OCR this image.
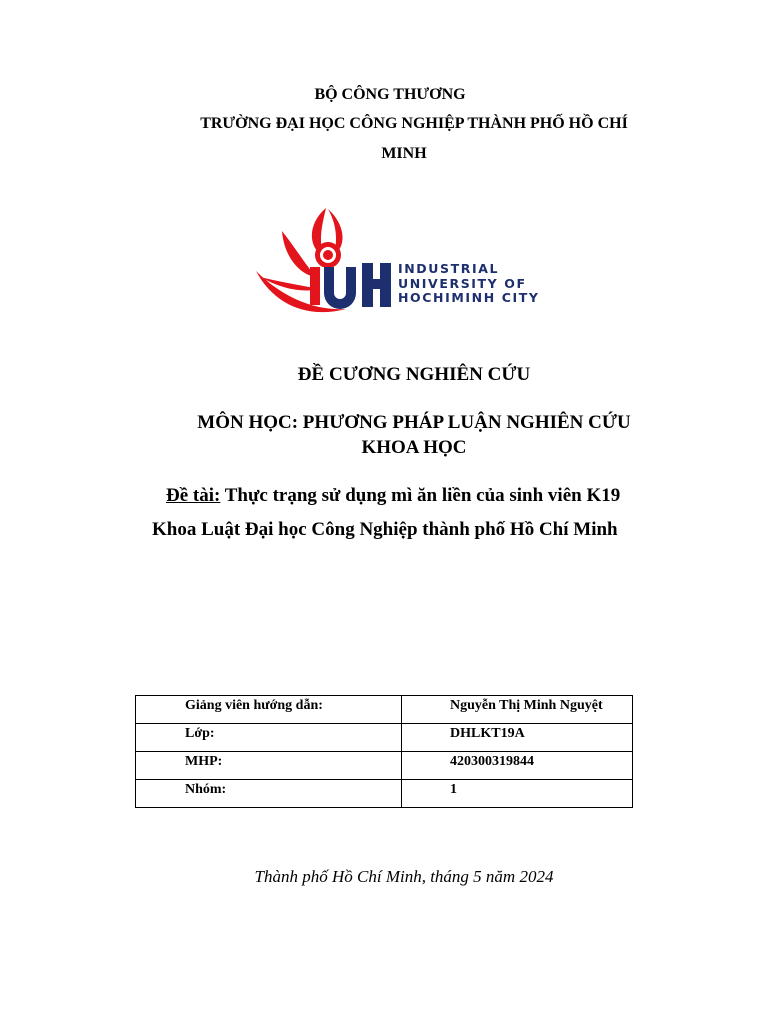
BỘ CÔNG THƯƠNG
TRƯỜNG ĐẠI HỌC CÔNG NGHIỆP THÀNH PHỐ HỒ CHÍ
MINH
INDUSTRIAL
UNIVERSITY OF
HOCHIMINH CITY
ĐỀ CƯƠNG NGHIÊN CỨU
MÔN HỌC: PHƯƠNG PHÁP LUẬN NGHIÊN CỨU
KHOA HỌC
Đề tài: Thực trạng sử dụng mì ăn liền của sinh viên K19
Khoa Luật Đại học Công Nghiệp thành phố Hồ Chí Minh
Giảng viên hướng dẫn:	Nguyễn Thị Minh Nguyệt
Lớp:	DHLKT19A
MHP:	420300319844
Nhóm:	1
Thành phố Hồ Chí Minh, tháng 5 năm 2024
